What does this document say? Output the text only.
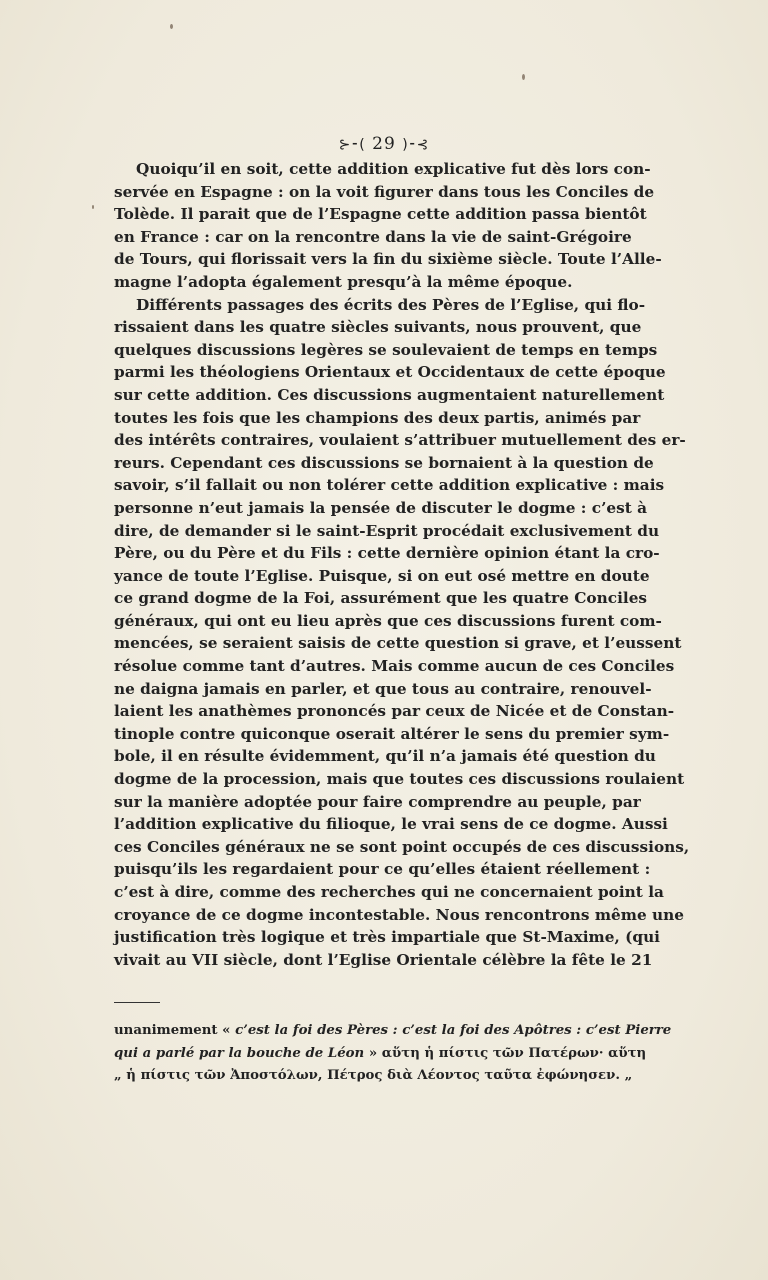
⊱⁃( 29 )⁃⊰
Quoiqu’il en soit, cette addition explicative fut dès lors con-
servée en Espagne : on la voit figurer dans tous les Conciles de
Tolède. Il parait que de l’Espagne cette addition passa bientôt
en France : car on la rencontre dans la vie de saint-Grégoire
de Tours, qui florissait vers la fin du sixième siècle. Toute l’Alle-
magne l’adopta également presqu’à la même époque.
Différents passages des écrits des Pères de l’Eglise, qui flo-
rissaient dans les quatre siècles suivants, nous prouvent, que
quelques discussions legères se soulevaient de temps en temps
parmi les théologiens Orientaux et Occidentaux de cette époque
sur cette addition. Ces discussions augmentaient naturellement
toutes les fois que les champions des deux partis, animés par
des intérêts contraires, voulaient s’attribuer mutuellement des er-
reurs. Cependant ces discussions se bornaient à la question de
savoir, s’il fallait ou non tolérer cette addition explicative : mais
personne n’eut jamais la pensée de discuter le dogme : c’est à
dire, de demander si le saint-Esprit procédait exclusivement du
Père, ou du Père et du Fils : cette dernière opinion étant la cro-
yance de toute l’Eglise. Puisque, si on eut osé mettre en doute
ce grand dogme de la Foi, assurément que les quatre Conciles
généraux, qui ont eu lieu après que ces discussions furent com-
mencées, se seraient saisis de cette question si grave, et l’eussent
résolue comme tant d’autres. Mais comme aucun de ces Conciles
ne daigna jamais en parler, et que tous au contraire, renouvel-
laient les anathèmes prononcés par ceux de Nicée et de Constan-
tinople contre quiconque oserait altérer le sens du premier sym-
bole, il en résulte évidemment, qu’il n’a jamais été question du
dogme de la procession, mais que toutes ces discussions roulaient
sur la manière adoptée pour faire comprendre au peuple, par
l’addition explicative du filioque, le vrai sens de ce dogme. Aussi
ces Conciles généraux ne se sont point occupés de ces discussions,
puisqu’ils les regardaient pour ce qu’elles étaient réellement :
c’est à dire, comme des recherches qui ne concernaient point la
croyance de ce dogme incontestable. Nous rencontrons même une
justification très logique et très impartiale que St-Maxime, (qui
vivait au VII siècle, dont l’Eglise Orientale célèbre la fête le 21
unanimement « c’est la foi des Pères : c’est la foi des Apôtres : c’est Pierre
qui a parlé par la bouche de Léon » αὕτη ἡ πίστις τῶν Πατέρων· αὕτη
„ ἡ πίστις τῶν Ἀποστόλων, Πέτρος διὰ Λέοντος ταῦτα ἐφώνησεν. „
